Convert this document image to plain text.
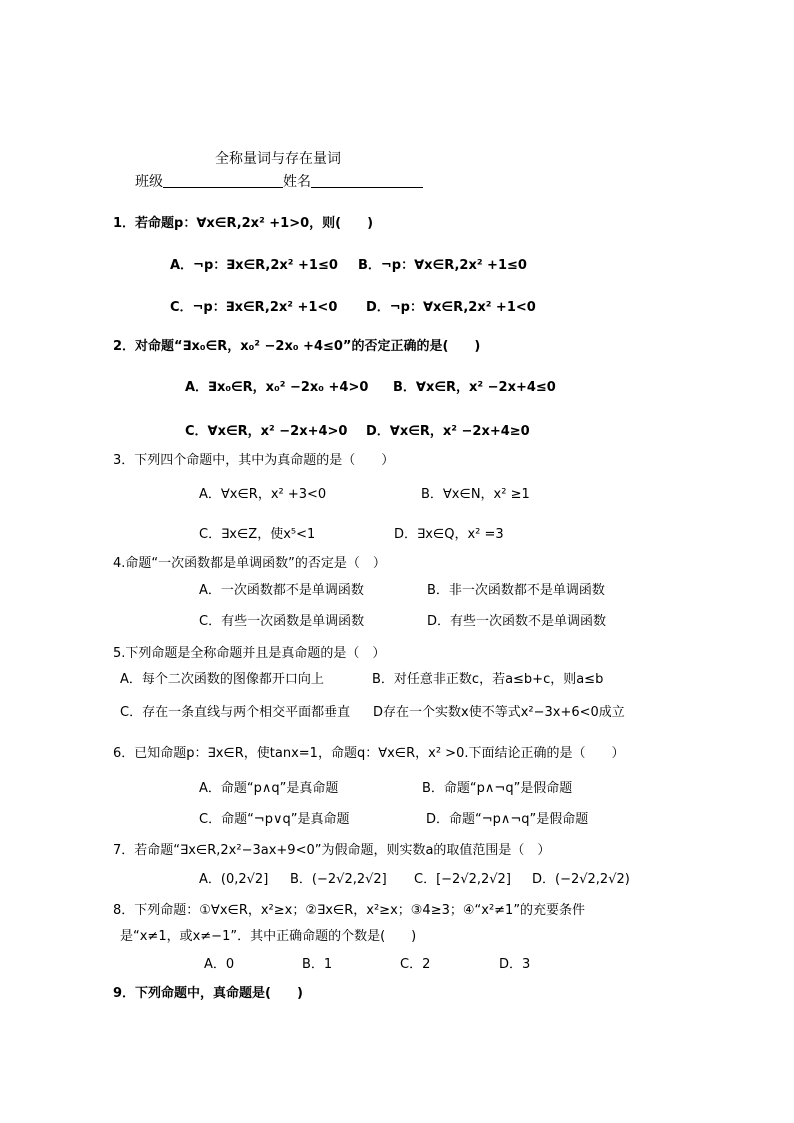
全称量词与存在量词
班级	姓名
1．若命题p：∀x∈R,2x² +1>0，则(　　)
A．¬p：∃x∈R,2x² +1≤0 B．¬p：∀x∈R,2x² +1≤0
C．¬p：∃x∈R,2x² +1<0 D．¬p：∀x∈R,2x² +1<0
2．对命题“∃x₀∈R，x₀² −2x₀ +4≤0”的否定正确的是(　　)
A．∃x₀∈R，x₀² −2x₀ +4>0 B．∀x∈R，x² −2x+4≤0
C．∀x∈R，x² −2x+4>0 D．∀x∈R，x² −2x+4≥0
3．下列四个命题中，其中为真命题的是（　　）
A．∀x∈R，x² +3<0	B．∀x∈N，x² ≥1
C．∃x∈Z，使x⁵<1	D．∃x∈Q，x² =3
4.命题“一次函数都是单调函数”的否定是（　）
A．一次函数都不是单调函数	B．非一次函数都不是单调函数
C．有些一次函数是单调函数	D．有些一次函数不是单调函数
5.下列命题是全称命题并且是真命题的是（　）
A．每个二次函数的图像都开口向上	B．对任意非正数c，若a≤b+c，则a≤b
C．存在一条直线与两个相交平面都垂直 D存在一个实数x使不等式x²−3x+6<0成立
6．已知命题p：∃x∈R，使tanx=1，命题q：∀x∈R，x² >0.下面结论正确的是（　　）
A．命题“p∧q”是真命题	B．命题“p∧¬q”是假命题
C．命题“¬p∨q”是真命题	D．命题“¬p∧¬q”是假命题
7．若命题“∃x∈R,2x²−3ax+9<0”为假命题，则实数a的取值范围是（　）
A．(0,2√2] B．(−2√2,2√2] C．[−2√2,2√2] D．(−2√2,2√2)
8．下列命题：①∀x∈R，x²≥x；②∃x∈R，x²≥x；③4≥3；④“x²≠1”的充要条件
是“x≠1，或x≠−1”．其中正确命题的个数是(　　)
A．0	B．1	C．2	D．3
9．下列命题中，真命题是(　　)
